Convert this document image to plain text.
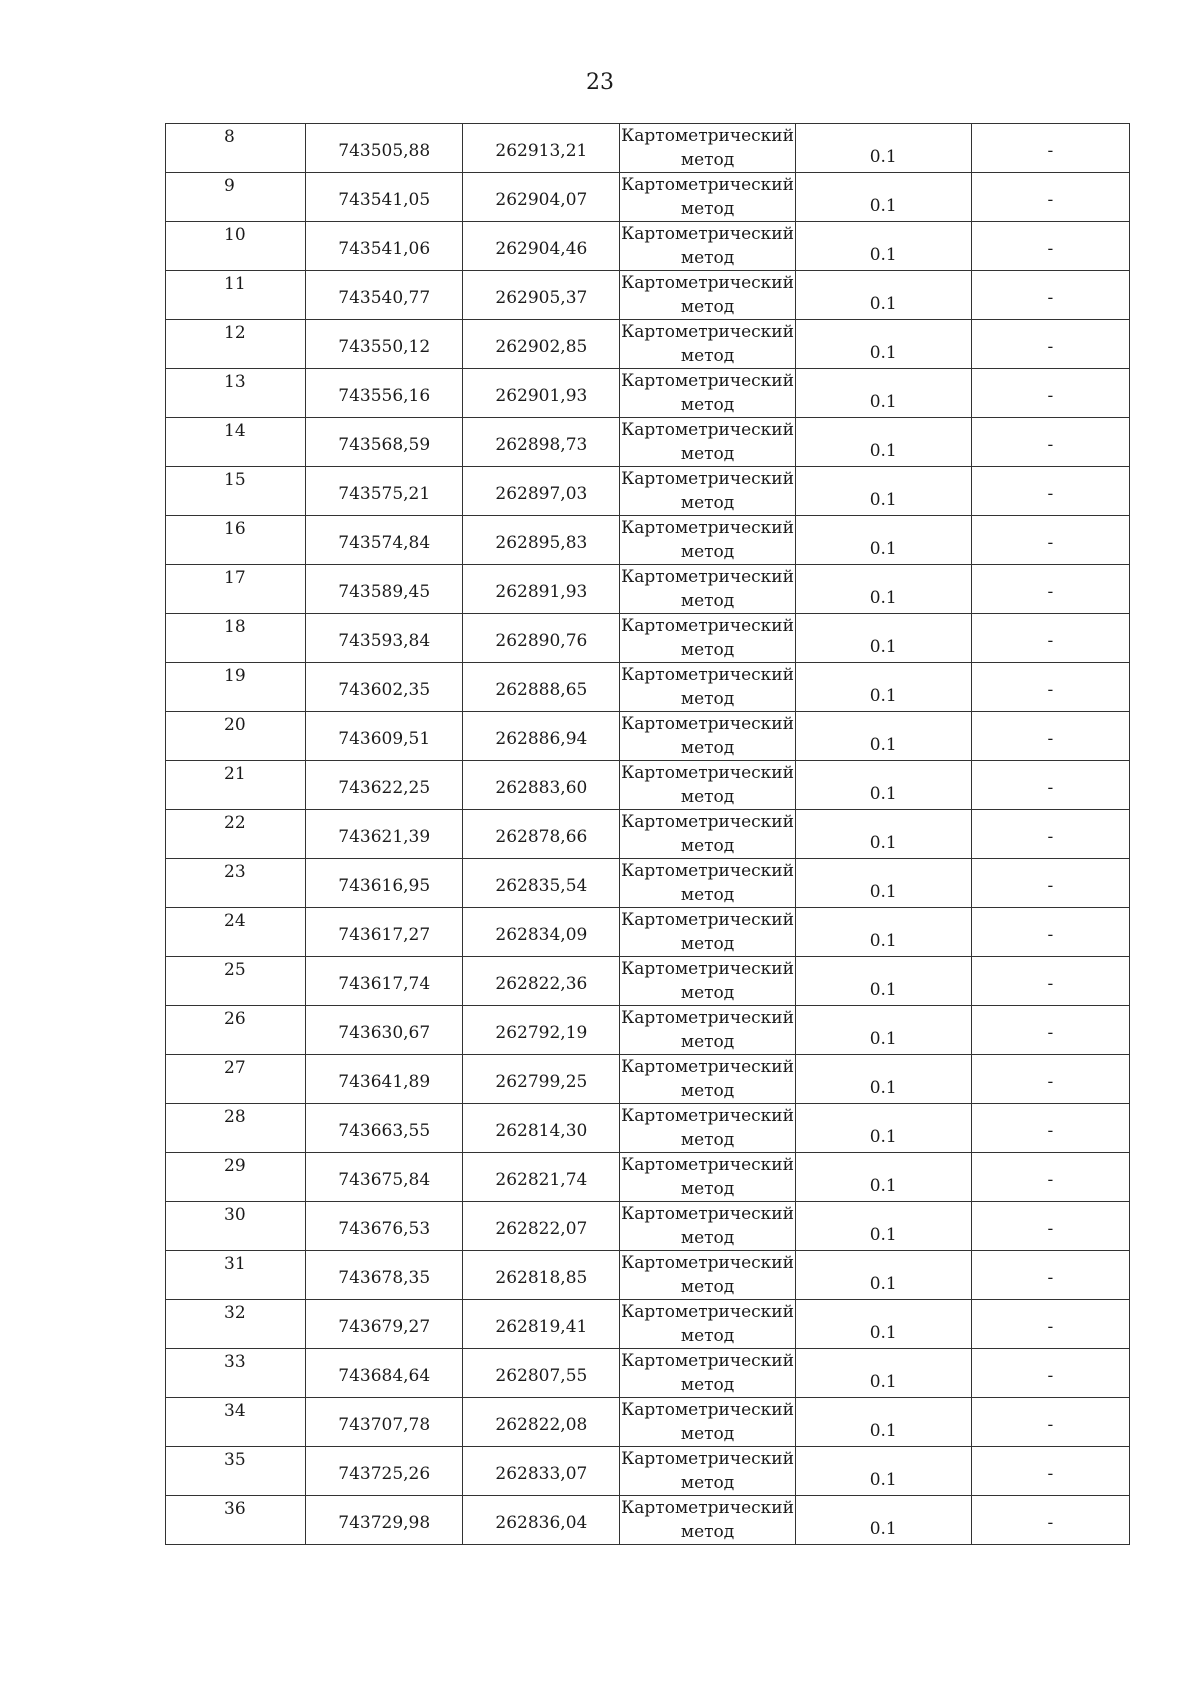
23
8	743505,88	262913,21	Картометрический метод	0.1	-

9	743541,05	262904,07	Картометрический метод	0.1	-

10	743541,06	262904,46	Картометрический метод	0.1	-

11	743540,77	262905,37	Картометрический метод	0.1	-

12	743550,12	262902,85	Картометрический метод	0.1	-

13	743556,16	262901,93	Картометрический метод	0.1	-

14	743568,59	262898,73	Картометрический метод	0.1	-

15	743575,21	262897,03	Картометрический метод	0.1	-

16	743574,84	262895,83	Картометрический метод	0.1	-

17	743589,45	262891,93	Картометрический метод	0.1	-

18	743593,84	262890,76	Картометрический метод	0.1	-

19	743602,35	262888,65	Картометрический метод	0.1	-

20	743609,51	262886,94	Картометрический метод	0.1	-

21	743622,25	262883,60	Картометрический метод	0.1	-

22	743621,39	262878,66	Картометрический метод	0.1	-

23	743616,95	262835,54	Картометрический метод	0.1	-

24	743617,27	262834,09	Картометрический метод	0.1	-

25	743617,74	262822,36	Картометрический метод	0.1	-

26	743630,67	262792,19	Картометрический метод	0.1	-

27	743641,89	262799,25	Картометрический метод	0.1	-

28	743663,55	262814,30	Картометрический метод	0.1	-

29	743675,84	262821,74	Картометрический метод	0.1	-

30	743676,53	262822,07	Картометрический метод	0.1	-

31	743678,35	262818,85	Картометрический метод	0.1	-

32	743679,27	262819,41	Картометрический метод	0.1	-

33	743684,64	262807,55	Картометрический метод	0.1	-

34	743707,78	262822,08	Картометрический метод	0.1	-

35	743725,26	262833,07	Картометрический метод	0.1	-

36	743729,98	262836,04	Картометрический метод	0.1	-
